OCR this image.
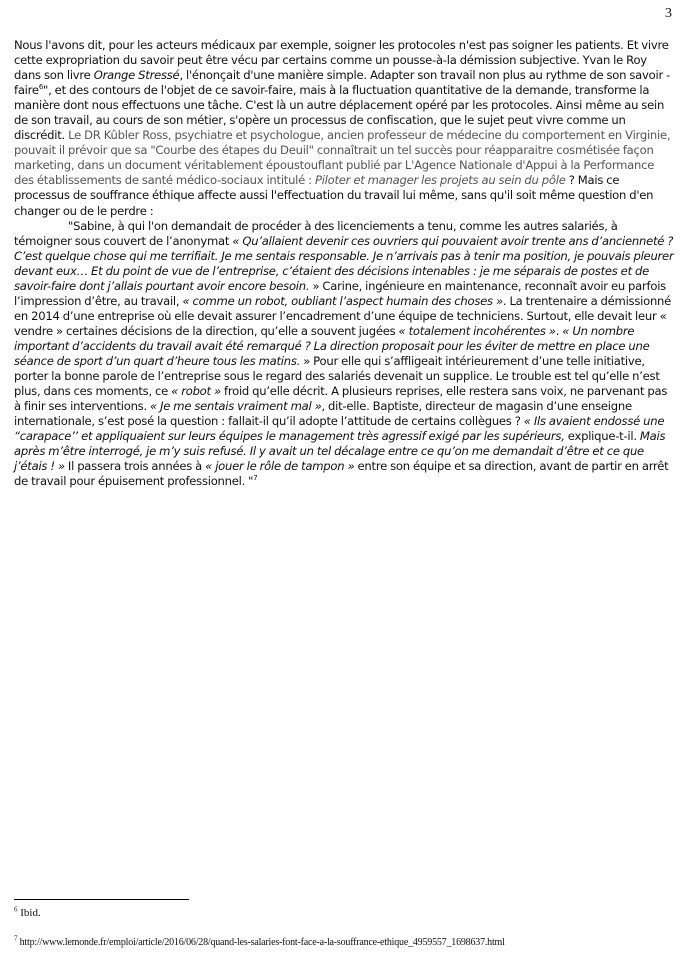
3

Nous l'avons dit, pour les acteurs médicaux par exemple, soigner les protocoles n'est pas soigner les patients. Et vivre cette expropriation du savoir peut être vécu par certains comme un pousse-à-la démission subjective. Yvan le Roy dans son livre Orange Stressé, l'énonçait d'une manière simple. Adapter son travail non plus au rythme de son savoir -faire$^6$", et des contours de l'objet de ce savoir-faire, mais à la fluctuation quantitative de la demande, transforme la manière dont nous effectuons une tâche. C'est là un autre déplacement opéré par les protocoles. Ainsi même au sein de son travail, au cours de son métier, s'opère un processus de confiscation, que le sujet peut vivre comme un discrédit. Le DR Kûbler Ross, psychiatre et psychologue, ancien professeur de médecine du comportement en Virginie, pouvait il prévoir que sa "Courbe des étapes du Deuil" connaîtrait un tel succès pour réapparaitre cosmétisée façon marketing, dans un document véritablement époustouflant publié par L'Agence Nationale d'Appui à la Performance des établissements de santé médico-sociaux intitulé : Piloter et manager les projets au sein du pôle ? Mais ce processus de souffrance éthique affecte aussi l'effectuation du travail lui même, sans qu'il soit même question d'en changer ou de le perdre :

"Sabine, à qui l'on demandait de procéder à des licenciements a tenu, comme les autres salariés, à témoigner sous couvert de l’anonymat « Qu’allaient devenir ces ouvriers qui pouvaient avoir trente ans d’ancienneté ? C’est quelque chose qui me terrifiait. Je me sentais responsable. Je n’arrivais pas à tenir ma position, je pouvais pleurer devant eux… Et du point de vue de l’entreprise, c’étaient des décisions intenables : je me séparais de postes et de savoir-faire dont j’allais pourtant avoir encore besoin. » Carine, ingénieure en maintenance, reconnaît avoir eu parfois l’impression d’être, au travail, « comme un robot, oubliant l’aspect humain des choses ». La trentenaire a démissionné en 2014 d’une entreprise où elle devait assurer l’encadrement d’une équipe de techniciens. Surtout, elle devait leur « vendre » certaines décisions de la direction, qu’elle a souvent jugées « totalement incohérentes ». « Un nombre important d’accidents du travail avait été remarqué ? La direction proposait pour les éviter de mettre en place une séance de sport d’un quart d’heure tous les matins. » Pour elle qui s’affligeait intérieurement d’une telle initiative, porter la bonne parole de l’entreprise sous le regard des salariés devenait un supplice. Le trouble est tel qu’elle n’est plus, dans ces moments, ce « robot » froid qu’elle décrit. A plusieurs reprises, elle restera sans voix, ne parvenant pas à finir ses interventions. « Je me sentais vraiment mal », dit-elle. Baptiste, directeur de magasin d’une enseigne internationale, s’est posé la question : fallait-il qu’il adopte l’attitude de certains collègues ? « Ils avaient endossé une “carapace’’ et appliquaient sur leurs équipes le management très agressif exigé par les supérieurs, explique-t-il. Mais après m’être interrogé, je m’y suis refusé. Il y avait un tel décalage entre ce qu’on me demandait d’être et ce que j’étais ! » Il passera trois années à « jouer le rôle de tampon » entre son équipe et sa direction, avant de partir en arrêt de travail pour épuisement professionnel. "$^7$

$^6$ Ibid.
$^7$ http://www.lemonde.fr/emploi/article/2016/06/28/quand-les-salaries-font-face-a-la-souffrance-ethique_4959557_1698637.html
